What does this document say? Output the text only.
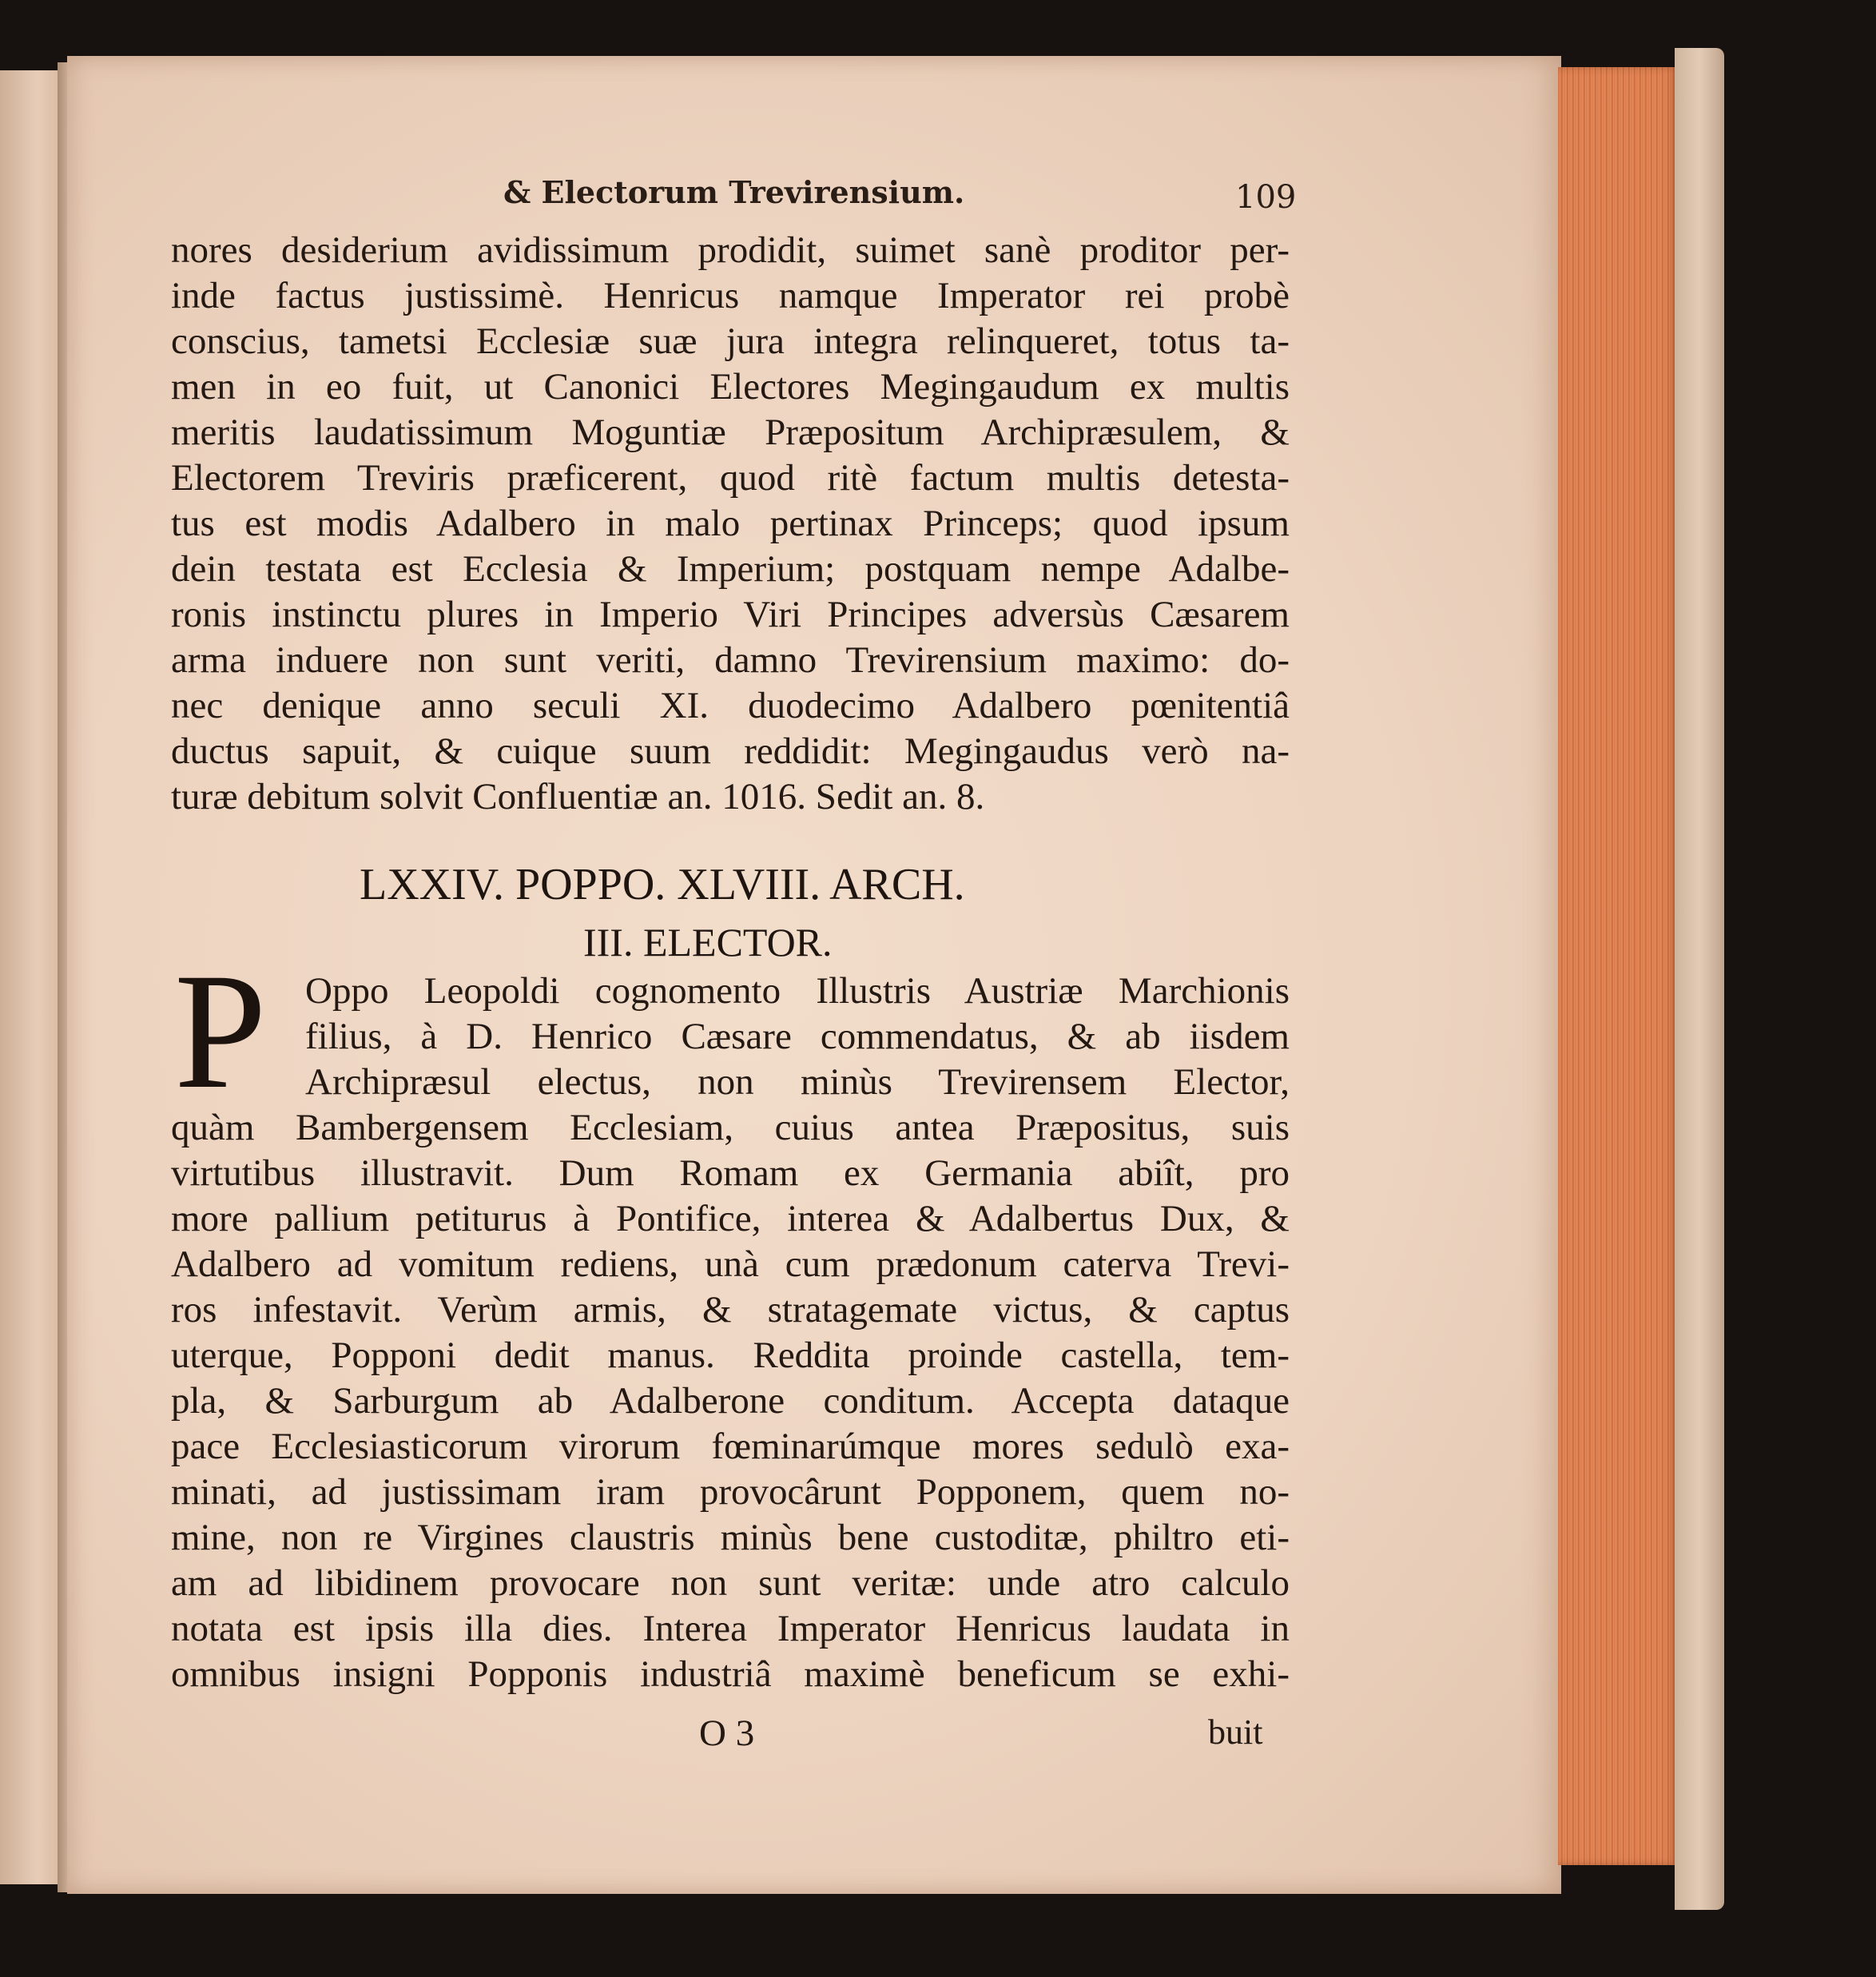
& Electorum Trevirensium.	109
nores desiderium avidissimum prodidit, suimet sanè proditor per-
inde factus justissimè. Henricus namque Imperator rei probè
conscius, tametsi Ecclesiæ suæ jura integra relinqueret, totus ta-
men in eo fuit, ut Canonici Electores Megingaudum ex multis
meritis laudatissimum Moguntiæ Præpositum Archipræsulem, &
Electorem Treviris præficerent, quod ritè factum multis detesta-
tus est modis Adalbero in malo pertinax Princeps; quod ipsum
dein testata est Ecclesia & Imperium; postquam nempe Adalbe-
ronis instinctu plures in Imperio Viri Principes adversùs Cæsarem
arma induere non sunt veriti, damno Trevirensium maximo: do-
nec denique anno seculi XI. duodecimo Adalbero pœnitentiâ
ductus sapuit, & cuique suum reddidit: Megingaudus verò na-
turæ debitum solvit Confluentiæ an. 1016. Sedit an. 8.
LXXIV. POPPO. XLVIII. ARCH.
III. ELECTOR.
P Oppo Leopoldi cognomento Illustris Austriæ Marchionis
filius, à D. Henrico Cæsare commendatus, & ab iisdem
Archipræsul electus, non minùs Trevirensem Elector,
quàm Bambergensem Ecclesiam, cuius antea Præpositus, suis
virtutibus illustravit. Dum Romam ex Germania abiît, pro
more pallium petiturus à Pontifice, interea & Adalbertus Dux, &
Adalbero ad vomitum rediens, unà cum prædonum caterva Trevi-
ros infestavit. Verùm armis, & stratagemate victus, & captus
uterque, Popponi dedit manus. Reddita proinde castella, tem-
pla, & Sarburgum ab Adalberone conditum. Accepta dataque
pace Ecclesiasticorum virorum fœminarúmque mores sedulò exa-
minati, ad justissimam iram provocârunt Popponem, quem no-
mine, non re Virgines claustris minùs bene custoditæ, philtro eti-
am ad libidinem provocare non sunt veritæ: unde atro calculo
notata est ipsis illa dies. Interea Imperator Henricus laudata in
omnibus insigni Popponis industriâ maximè beneficum se exhi-
O 3	buit
